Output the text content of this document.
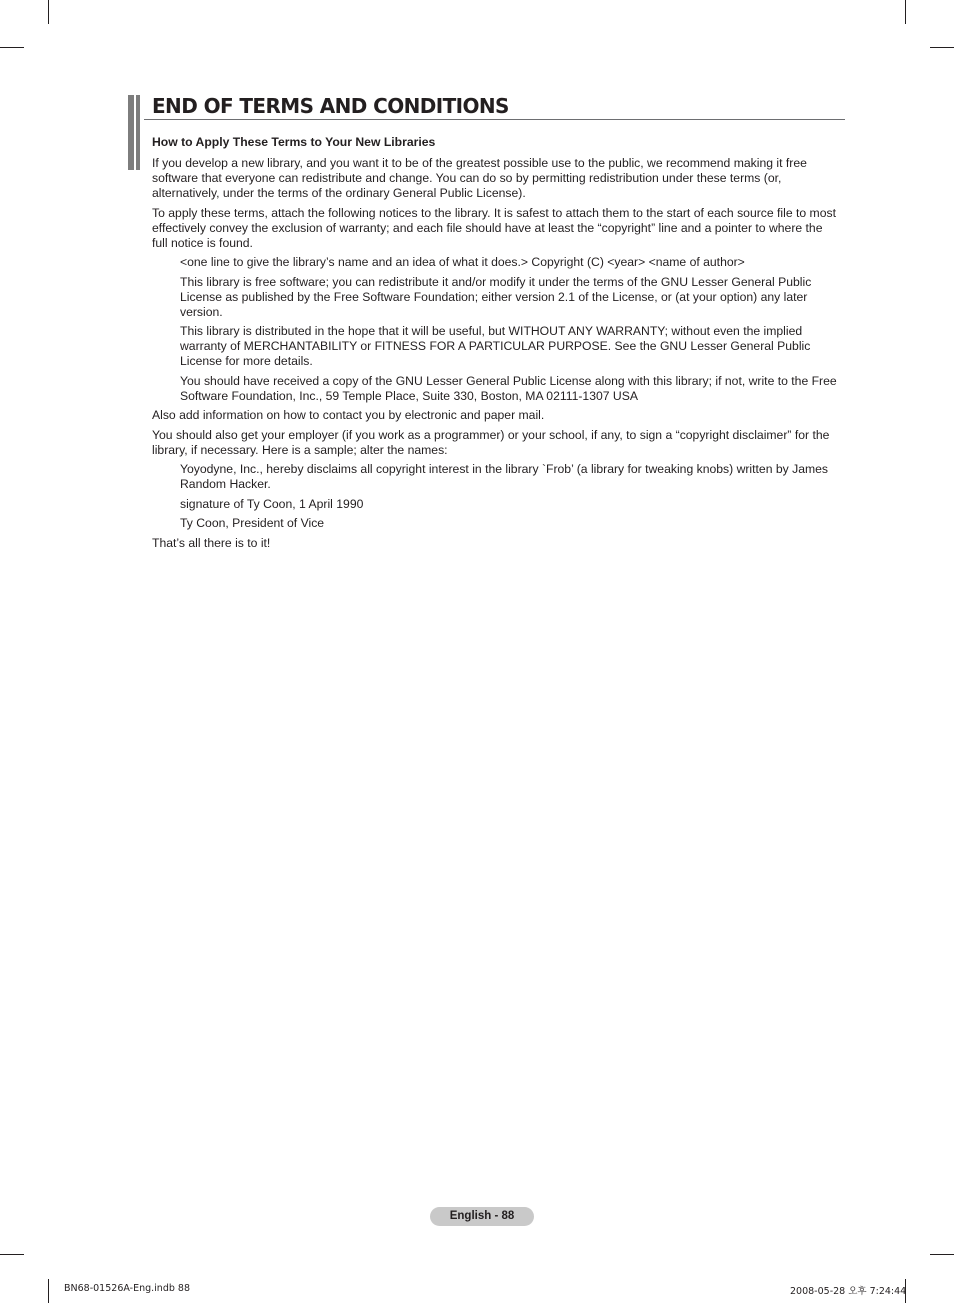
END OF TERMS AND CONDITIONS

How to Apply These Terms to Your New Libraries

If you develop a new library, and you want it to be of the greatest possible use to the public, we recommend making it free software that everyone can redistribute and change. You can do so by permitting redistribution under these terms (or, alternatively, under the terms of the ordinary General Public License).

To apply these terms, attach the following notices to the library. It is safest to attach them to the start of each source file to most effectively convey the exclusion of warranty; and each file should have at least the “copyright” line and a pointer to where the full notice is found.

<one line to give the library’s name and an idea of what it does.> Copyright (C) <year> <name of author>

This library is free software; you can redistribute it and/or modify it under the terms of the GNU Lesser General Public License as published by the Free Software Foundation; either version 2.1 of the License, or (at your option) any later version.

This library is distributed in the hope that it will be useful, but WITHOUT ANY WARRANTY; without even the implied warranty of MERCHANTABILITY or FITNESS FOR A PARTICULAR PURPOSE. See the GNU Lesser General Public License for more details.

You should have received a copy of the GNU Lesser General Public License along with this library; if not, write to the Free Software Foundation, Inc., 59 Temple Place, Suite 330, Boston, MA 02111-1307 USA

Also add information on how to contact you by electronic and paper mail.

You should also get your employer (if you work as a programmer) or your school, if any, to sign a “copyright disclaimer” for the library, if necessary. Here is a sample; alter the names:

Yoyodyne, Inc., hereby disclaims all copyright interest in the library `Frob’ (a library for tweaking knobs) written by James Random Hacker.

signature of Ty Coon, 1 April 1990

Ty Coon, President of Vice

That’s all there is to it!

English - 88
BN68-01526A-Eng.indb 88	2008-05-28 오후 7:24:44
